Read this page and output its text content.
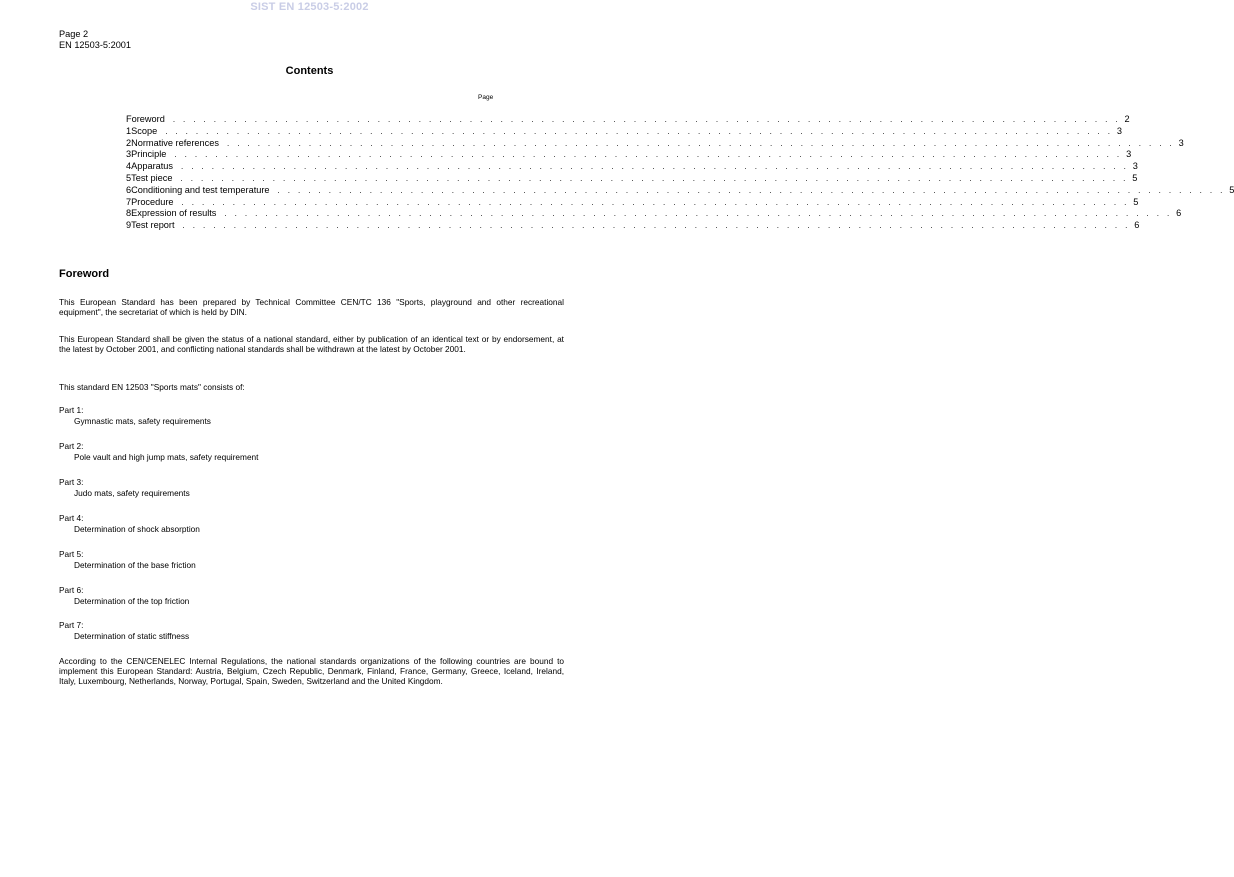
SIST EN 12503-5:2002
Page 2
EN 12503-5:2001
Contents
Page
Foreword . . . . . . . . . . . . . . . . . . . . . . . . . . . . . . . . . . . . . . . . . . . . . . . . . . . . . . . . . . . . . . . . . . . . . . . . . . . . . . . . . . . . . . . . . . . . . 2
1 Scope . . . . . . . . . . . . . . . . . . . . . . . . . . . . . . . . . . . . . . . . . . . . . . . . . . . . . . . . . . . . . . . . . . . . . . . . . . . . . . . . . . . . . . . . . . . . . 3
2 Normative references . . . . . . . . . . . . . . . . . . . . . . . . . . . . . . . . . . . . . . . . . . . . . . . . . . . . . . . . . . . . . . . . . . . . . . . . . . . . . . . . . . . . . . . . . . . . . 3
3 Principle . . . . . . . . . . . . . . . . . . . . . . . . . . . . . . . . . . . . . . . . . . . . . . . . . . . . . . . . . . . . . . . . . . . . . . . . . . . . . . . . . . . . . . . . . . . . . 3
4 Apparatus . . . . . . . . . . . . . . . . . . . . . . . . . . . . . . . . . . . . . . . . . . . . . . . . . . . . . . . . . . . . . . . . . . . . . . . . . . . . . . . . . . . . . . . . . . . . . 3
5 Test piece . . . . . . . . . . . . . . . . . . . . . . . . . . . . . . . . . . . . . . . . . . . . . . . . . . . . . . . . . . . . . . . . . . . . . . . . . . . . . . . . . . . . . . . . . . . . . 5
6 Conditioning and test temperature . . . . . . . . . . . . . . . . . . . . . . . . . . . . . . . . . . . . . . . . . . . . . . . . . . . . . . . . . . . . . . . . . . . . . . . . . . . . . . . . . . . . . . . . . . . . . 5
7 Procedure . . . . . . . . . . . . . . . . . . . . . . . . . . . . . . . . . . . . . . . . . . . . . . . . . . . . . . . . . . . . . . . . . . . . . . . . . . . . . . . . . . . . . . . . . . . . . 5
8 Expression of results . . . . . . . . . . . . . . . . . . . . . . . . . . . . . . . . . . . . . . . . . . . . . . . . . . . . . . . . . . . . . . . . . . . . . . . . . . . . . . . . . . . . . . . . . . . . . 6
9 Test report . . . . . . . . . . . . . . . . . . . . . . . . . . . . . . . . . . . . . . . . . . . . . . . . . . . . . . . . . . . . . . . . . . . . . . . . . . . . . . . . . . . . . . . . . . . . . 6
Foreword
This European Standard has been prepared by Technical Committee CEN/TC 136 "Sports, playground and other recreational equipment", the secretariat of which is held by DIN.
This European Standard shall be given the status of a national standard, either by publication of an identical text or by endorsement, at the latest by October 2001, and conflicting national standards shall be withdrawn at the latest by October 2001.
This standard EN 12503 "Sports mats" consists of:
Part 1:
Gymnastic mats, safety requirements
Part 2:
Pole vault and high jump mats, safety requirement
Part 3:
Judo mats, safety requirements
Part 4:
Determination of shock absorption
Part 5:
Determination of the base friction
Part 6:
Determination of the top friction
Part 7:
Determination of static stiffness
According to the CEN/CENELEC Internal Regulations, the national standards organizations of the following countries are bound to implement this European Standard: Austria, Belgium, Czech Republic, Denmark, Finland, France, Germany, Greece, Iceland, Ireland, Italy, Luxembourg, Netherlands, Norway, Portugal, Spain, Sweden, Switzerland and the United Kingdom.
